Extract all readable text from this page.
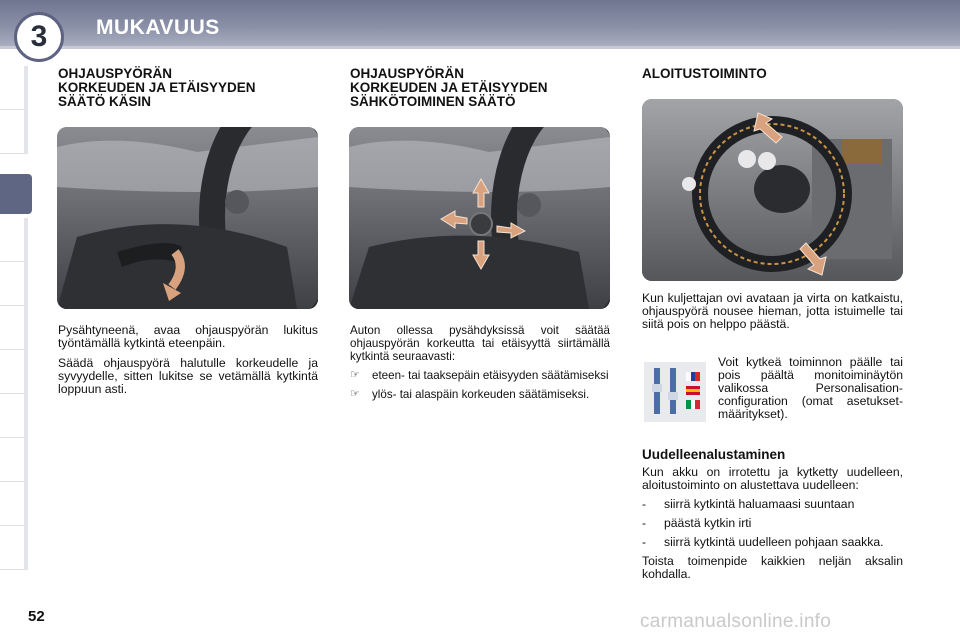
3	MUKAVUUS
OHJAUSPYÖRÄN
KORKEUDEN JA ETÄISYYDEN
SÄÄTÖ KÄSIN

Pysähtyneenä, avaa ohjauspyörän lukitus työntämällä kytkintä eteenpäin.

Säädä ohjauspyörä halutulle korkeudelle ja syvyydelle, sitten lukitse se vetämällä kytkintä loppuun asti.

OHJAUSPYÖRÄN
KORKEUDEN JA ETÄISYYDEN
SÄHKÖTOIMINEN SÄÄTÖ
Auton ollessa pysähdyksissä voit säätää ohjauspyörän korkeutta tai etäisyyttä siirtämällä kytkintä seuraavasti:
☞	eteen- tai taaksepäin etäisyyden säätämiseksi
☞	ylös- tai alaspäin korkeuden säätämiseksi.
ALOITUSTOIMINTO
Kun kuljettajan ovi avataan ja virta on katkaistu, ohjauspyörä nousee hieman, jotta istuimelle tai siitä pois on helppo päästä.
Voit kytkeä toiminnon päälle tai pois päältä monitoiminäytön valikossa Personalisation-configuration (omat asetukset-määritykset).
Uudelleenalustaminen
Kun akku on irrotettu ja kytketty uudelleen, aloitustoiminto on alustettava uudelleen:
-	siirrä kytkintä haluamaasi suuntaan
-	päästä kytkin irti
-	siirrä kytkintä uudelleen pohjaan saakka.
Toista toimenpide kaikkien neljän aksalin kohdalla.
52	carmanualsonline.info
